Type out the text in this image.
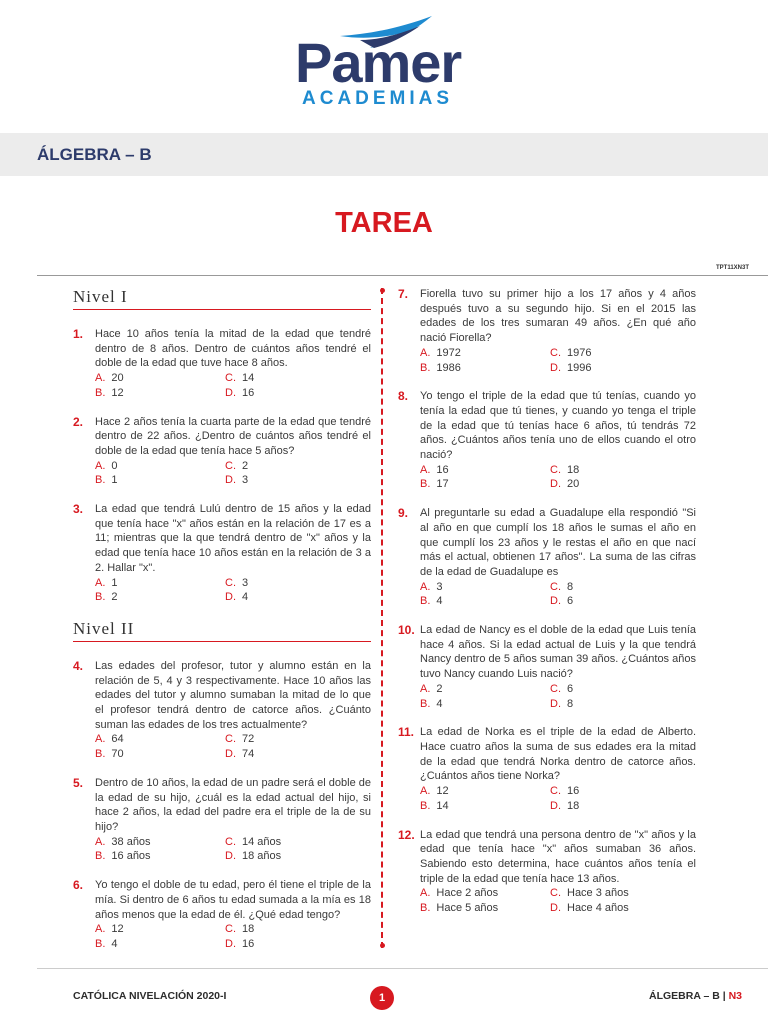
Pamer
ACADEMIAS
ÁLGEBRA – B
TAREA
TPT11XN3T
Nivel I
1. Hace 10 años tenía la mitad de la edad que tendré dentro de 8 años. Dentro de cuántos años tendré el doble de la edad que tuve hace 8 años.
A. 20	C. 14
B. 12	D. 16
2. Hace 2 años tenía la cuarta parte de la edad que tendré dentro de 22 años. ¿Dentro de cuántos años tendré el doble de la edad que tenía hace 5 años?
A. 0	C. 2
B. 1	D. 3
3. La edad que tendrá Lulú dentro de 15 años y la edad que tenía hace "x" años están en la relación de 17 es a 11; mientras que la que tendrá dentro de "x" años y la edad que tenía hace 10 años están en la relación de 3 a 2. Hallar "x".
A. 1	C. 3
B. 2	D. 4
Nivel II
4. Las edades del profesor, tutor y alumno están en la relación de 5, 4 y 3 respectivamente. Hace 10 años las edades del tutor y alumno sumaban la mitad de lo que el profesor tendrá dentro de catorce años. ¿Cuánto suman las edades de los tres actualmente?
A. 64	C. 72
B. 70	D. 74
5. Dentro de 10 años, la edad de un padre será el doble de la edad de su hijo, ¿cuál es la edad actual del hijo, si hace 2 años, la edad del padre era el triple de la de su hijo?
A. 38 años	C. 14 años
B. 16 años	D. 18 años
6. Yo tengo el doble de tu edad, pero él tiene el triple de la mía. Si dentro de 6 años tu edad sumada a la mía es 18 años menos que la edad de él. ¿Qué edad tengo?
A. 12	C. 18
B. 4	D. 16
7. Fiorella tuvo su primer hijo a los 17 años y 4 años después tuvo a su segundo hijo. Si en el 2015 las edades de los tres sumaran 49 años. ¿En qué año nació Fiorella?
A. 1972	C. 1976
B. 1986	D. 1996
8. Yo tengo el triple de la edad que tú tenías, cuando yo tenía la edad que tú tienes, y cuando yo tenga el triple de la edad que tú tenías hace 6 años, tú tendrás 72 años. ¿Cuántos años tenía uno de ellos cuando el otro nació?
A. 16	C. 18
B. 17	D. 20
9. Al preguntarle su edad a Guadalupe ella respondió "Si al año en que cumplí los 18 años le sumas el año en que cumplí los 23 años y le restas el año en que nací más el actual, obtienen 17 años". La suma de las cifras de la edad de Guadalupe es
A. 3	C. 8
B. 4	D. 6
10. La edad de Nancy es el doble de la edad que Luis tenía hace 4 años. Si la edad actual de Luis y la que tendrá Nancy dentro de 5 años suman 39 años. ¿Cuántos años tuvo Nancy cuando Luis nació?
A. 2	C. 6
B. 4	D. 8
11. La edad de Norka es el triple de la edad de Alberto. Hace cuatro años la suma de sus edades era la mitad de la edad que tendrá Norka dentro de catorce años. ¿Cuántos años tiene Norka?
A. 12	C. 16
B. 14	D. 18
12. La edad que tendrá una persona dentro de "x" años y la edad que tenía hace "x" años sumaban 36 años. Sabiendo esto determina, hace cuántos años tenía el triple de la edad que tenía hace 13 años.
A. Hace 2 años	C. Hace 3 años
B. Hace 5 años	D. Hace 4 años
CATÓLICA NIVELACIÓN 2020-I	1	ÁLGEBRA – B | N3
